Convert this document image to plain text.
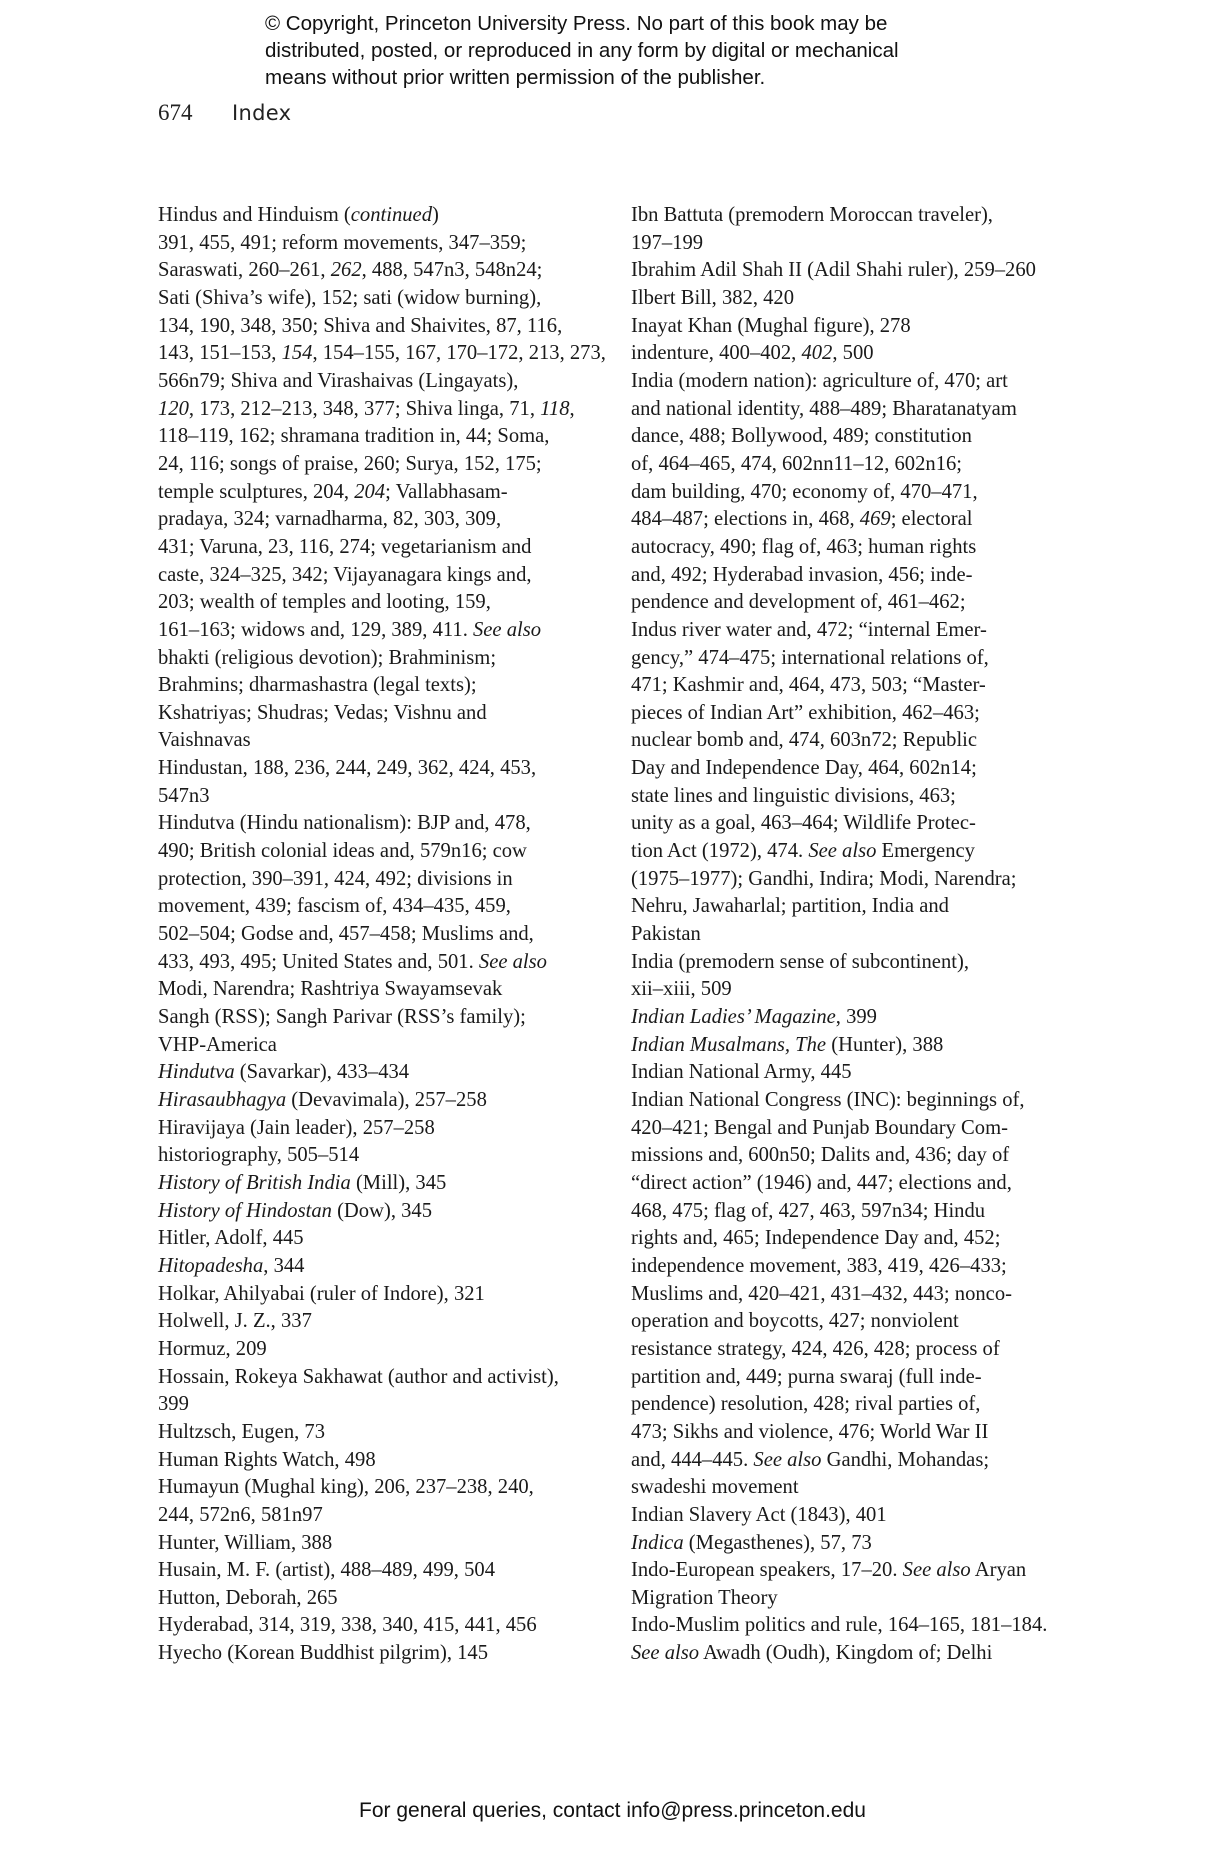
© Copyright, Princeton University Press. No part of this book may be
distributed, posted, or reproduced in any form by digital or mechanical
means without prior written permission of the publisher.
674 Index
Hindus and Hinduism (continued)
391, 455, 491; reform movements, 347–359;
Saraswati, 260–261, 262, 488, 547n3, 548n24;
Sati (Shiva’s wife), 152; sati (widow burning),
134, 190, 348, 350; Shiva and Shaivites, 87, 116,
143, 151–153, 154, 154–155, 167, 170–172, 213, 273,
566n79; Shiva and Virashaivas (Lingayats),
120, 173, 212–213, 348, 377; Shiva linga, 71, 118,
118–119, 162; shramana tradition in, 44; Soma,
24, 116; songs of praise, 260; Surya, 152, 175;
temple sculptures, 204, 204; Vallabhasam-
pradaya, 324; varnadharma, 82, 303, 309,
431; Varuna, 23, 116, 274; vegetarianism and
caste, 324–325, 342; Vijayanagara kings and,
203; wealth of temples and looting, 159,
161–163; widows and, 129, 389, 411. See also
bhakti (religious devotion); Brahminism;
Brahmins; dharmashastra (legal texts);
Kshatriyas; Shudras; Vedas; Vishnu and
Vaishnavas
Hindustan, 188, 236, 244, 249, 362, 424, 453,
547n3
Hindutva (Hindu nationalism): BJP and, 478,
490; British colonial ideas and, 579n16; cow
protection, 390–391, 424, 492; divisions in
movement, 439; fascism of, 434–435, 459,
502–504; Godse and, 457–458; Muslims and,
433, 493, 495; United States and, 501. See also
Modi, Narendra; Rashtriya Swayamsevak
Sangh (RSS); Sangh Parivar (RSS’s family);
VHP-America
Hindutva (Savarkar), 433–434
Hirasaubhagya (Devavimala), 257–258
Hiravijaya (Jain leader), 257–258
historiography, 505–514
History of British India (Mill), 345
History of Hindostan (Dow), 345
Hitler, Adolf, 445
Hitopadesha, 344
Holkar, Ahilyabai (ruler of Indore), 321
Holwell, J. Z., 337
Hormuz, 209
Hossain, Rokeya Sakhawat (author and activist),
399
Hultzsch, Eugen, 73
Human Rights Watch, 498
Humayun (Mughal king), 206, 237–238, 240,
244, 572n6, 581n97
Hunter, William, 388
Husain, M. F. (artist), 488–489, 499, 504
Hutton, Deborah, 265
Hyderabad, 314, 319, 338, 340, 415, 441, 456
Hyecho (Korean Buddhist pilgrim), 145
Ibn Battuta (premodern Moroccan traveler),
197–199
Ibrahim Adil Shah II (Adil Shahi ruler), 259–260
Ilbert Bill, 382, 420
Inayat Khan (Mughal figure), 278
indenture, 400–402, 402, 500
India (modern nation): agriculture of, 470; art
and national identity, 488–489; Bharatanatyam
dance, 488; Bollywood, 489; constitution
of, 464–465, 474, 602nn11–12, 602n16;
dam building, 470; economy of, 470–471,
484–487; elections in, 468, 469; electoral
autocracy, 490; flag of, 463; human rights
and, 492; Hyderabad invasion, 456; inde-
pendence and development of, 461–462;
Indus river water and, 472; “internal Emer-
gency,” 474–475; international relations of,
471; Kashmir and, 464, 473, 503; “Master-
pieces of Indian Art” exhibition, 462–463;
nuclear bomb and, 474, 603n72; Republic
Day and Independence Day, 464, 602n14;
state lines and linguistic divisions, 463;
unity as a goal, 463–464; Wildlife Protec-
tion Act (1972), 474. See also Emergency
(1975–1977); Gandhi, Indira; Modi, Narendra;
Nehru, Jawaharlal; partition, India and
Pakistan
India (premodern sense of subcontinent),
xii–xiii, 509
Indian Ladies’ Magazine, 399
Indian Musalmans, The (Hunter), 388
Indian National Army, 445
Indian National Congress (INC): beginnings of,
420–421; Bengal and Punjab Boundary Com-
missions and, 600n50; Dalits and, 436; day of
“direct action” (1946) and, 447; elections and,
468, 475; flag of, 427, 463, 597n34; Hindu
rights and, 465; Independence Day and, 452;
independence movement, 383, 419, 426–433;
Muslims and, 420–421, 431–432, 443; nonco-
operation and boycotts, 427; nonviolent
resistance strategy, 424, 426, 428; process of
partition and, 449; purna swaraj (full inde-
pendence) resolution, 428; rival parties of,
473; Sikhs and violence, 476; World War II
and, 444–445. See also Gandhi, Mohandas;
swadeshi movement
Indian Slavery Act (1843), 401
Indica (Megasthenes), 57, 73
Indo-European speakers, 17–20. See also Aryan
Migration Theory
Indo-Muslim politics and rule, 164–165, 181–184.
See also Awadh (Oudh), Kingdom of; Delhi
For general queries, contact info@press.princeton.edu
